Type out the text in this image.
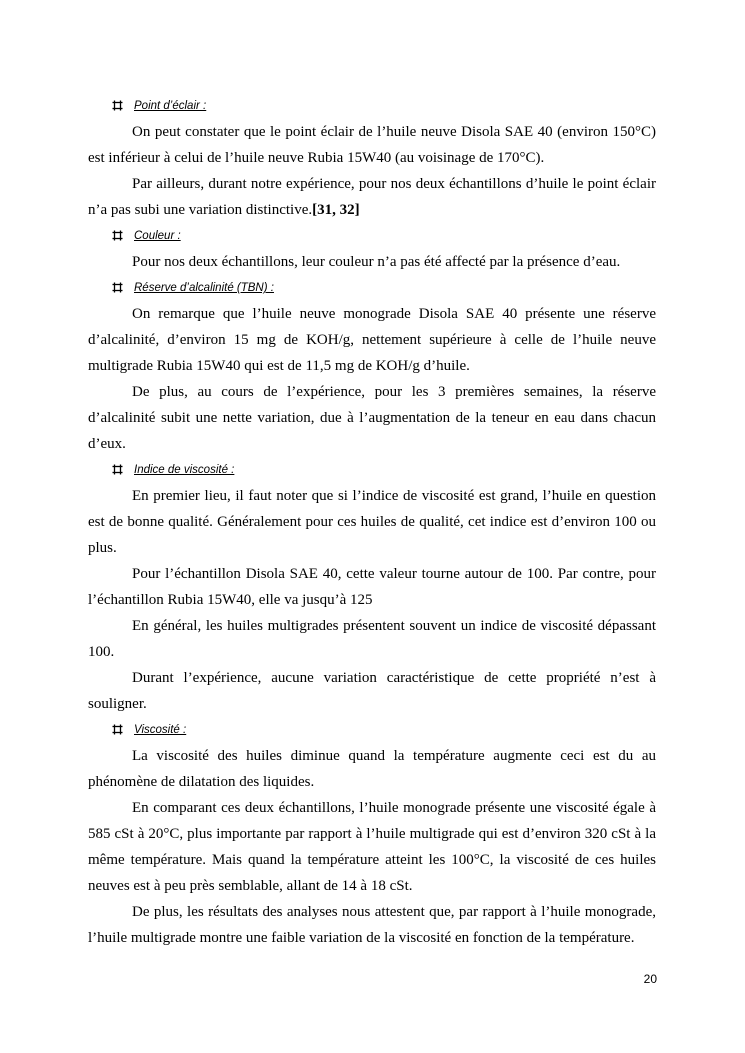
Point d’éclair :

On peut constater que le point éclair de l’huile neuve Disola SAE 40 (environ 150°C) est inférieur à celui de l’huile neuve Rubia 15W40 (au voisinage de 170°C).

Par ailleurs, durant notre expérience, pour nos deux échantillons d’huile le point éclair n’a pas subi une variation distinctive.[31, 32]

Couleur :

Pour nos deux échantillons, leur couleur n’a pas été affecté par la présence d’eau.

Réserve d’alcalinité (TBN) :

On remarque que l’huile neuve monograde Disola SAE 40 présente une réserve d’alcalinité, d’environ 15 mg de KOH/g, nettement supérieure à celle de l’huile neuve multigrade Rubia 15W40 qui est de 11,5 mg de KOH/g d’huile.

De plus, au cours de l’expérience, pour les 3 premières semaines, la réserve d’alcalinité subit une nette variation, due à l’augmentation de la teneur en eau dans chacun d’eux.

Indice de viscosité :

En premier lieu, il faut noter que si l’indice de viscosité est grand, l’huile en question est de bonne qualité. Généralement pour ces huiles de qualité, cet indice est d’environ 100 ou plus.

Pour l’échantillon Disola SAE 40, cette valeur tourne autour de 100. Par contre, pour l’échantillon Rubia 15W40, elle va jusqu’à 125

En général, les huiles multigrades présentent souvent un indice de viscosité dépassant 100.

Durant l’expérience, aucune variation caractéristique de cette propriété n’est à souligner.

Viscosité :

La viscosité des huiles diminue quand la température augmente ceci est du au phénomène de dilatation des liquides.

En comparant ces deux échantillons, l’huile monograde présente une viscosité égale à 585 cSt à 20°C, plus importante par rapport à l’huile multigrade qui est d’environ 320 cSt à la même température. Mais quand la température atteint les 100°C, la viscosité de ces huiles neuves est à peu près semblable, allant de 14 à 18 cSt.

De plus, les résultats des analyses nous attestent que, par rapport à l’huile monograde, l’huile multigrade montre une faible variation de la viscosité en fonction de la température.

20
